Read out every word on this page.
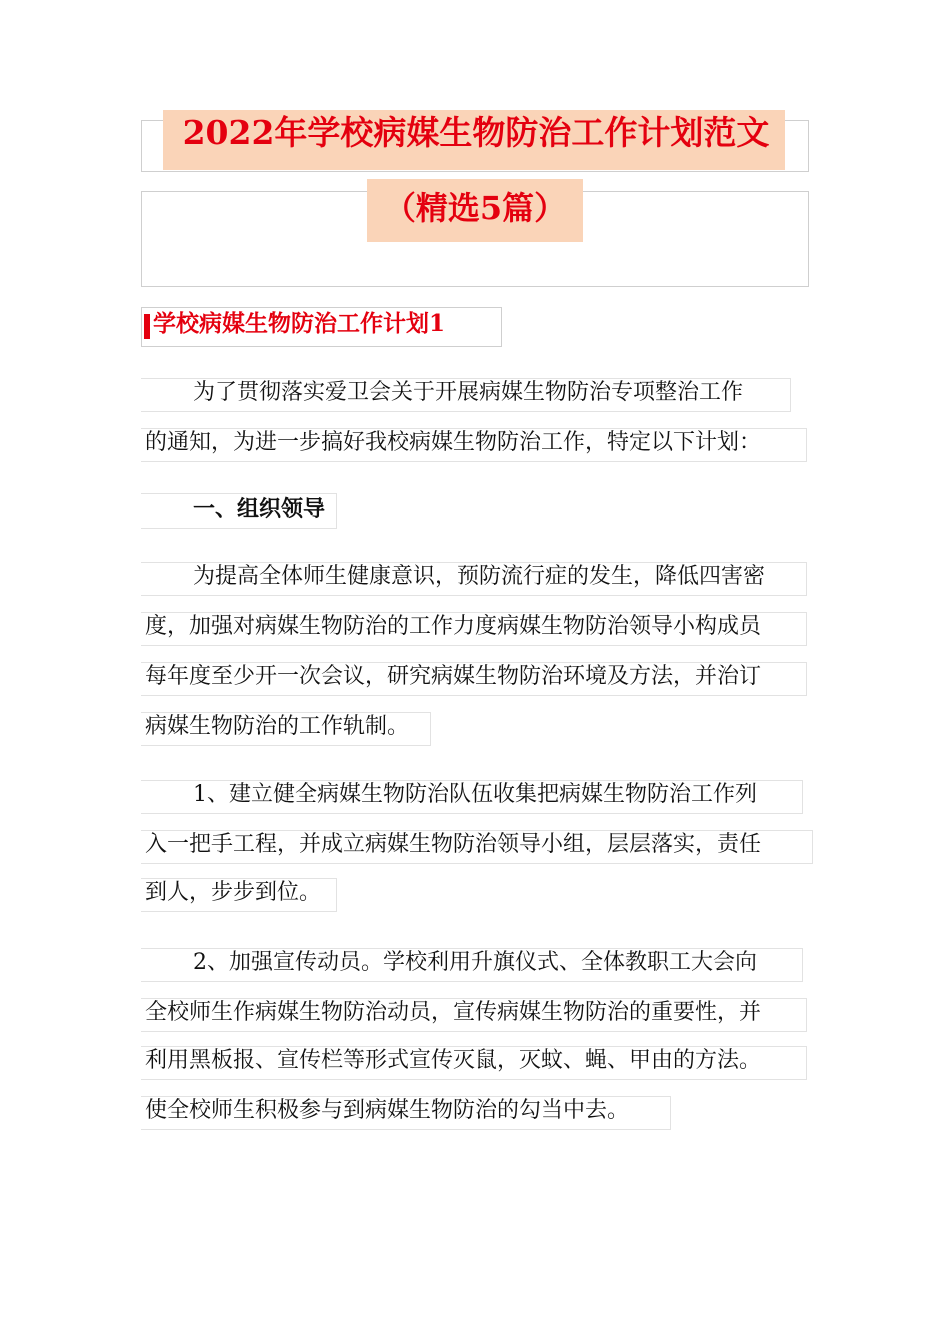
2022年学校病媒生物防治工作计划范文
（精选5篇）
学校病媒生物防治工作计划1
为了贯彻落实爱卫会关于开展病媒生物防治专项整治工作
的通知，为进一步搞好我校病媒生物防治工作，特定以下计划：
一、组织领导
为提高全体师生健康意识，预防流行症的发生，降低四害密
度，加强对病媒生物防治的工作力度病媒生物防治领导小构成员
每年度至少开一次会议，研究病媒生物防治环境及方法，并治订
病媒生物防治的工作轨制。
1、建立健全病媒生物防治队伍收集把病媒生物防治工作列
入一把手工程，并成立病媒生物防治领导小组，层层落实，责任
到人，步步到位。
2、加强宣传动员。学校利用升旗仪式、全体教职工大会向
全校师生作病媒生物防治动员，宣传病媒生物防治的重要性，并
利用黑板报、宣传栏等形式宣传灭鼠，灭蚊、蝇、甲由的方法。
使全校师生积极参与到病媒生物防治的勾当中去。
